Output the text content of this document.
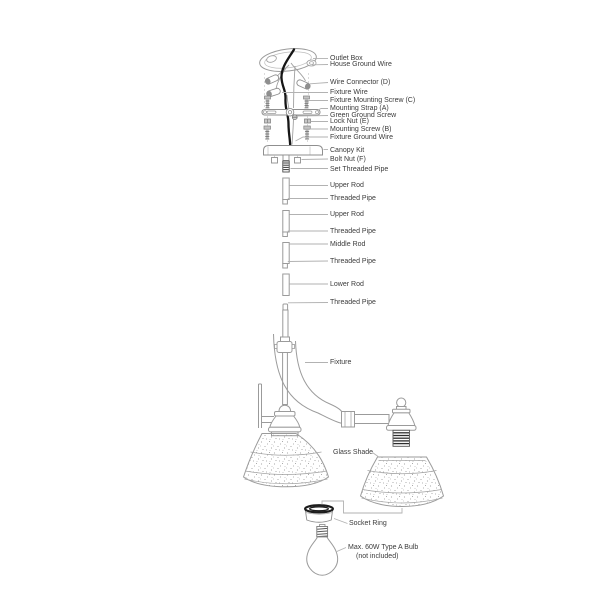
Outlet Box
House Ground Wire
Wire Connector (D)
Fixture Wire
Fixture Mounting Screw (C)
Mounting Strap (A)
Green Ground Screw
Lock Nut (E)
Mounting Screw (B)
Fixture Ground Wire
Canopy Kit
Bolt Nut (F)
Set Threaded Pipe
Upper Rod
Threaded Pipe
Upper Rod
Threaded Pipe
Middle Rod
Threaded Pipe
Lower Rod
Threaded Pipe
Fixture
Glass Shade
Socket Ring
Max. 60W Type A Bulb
(not included)
